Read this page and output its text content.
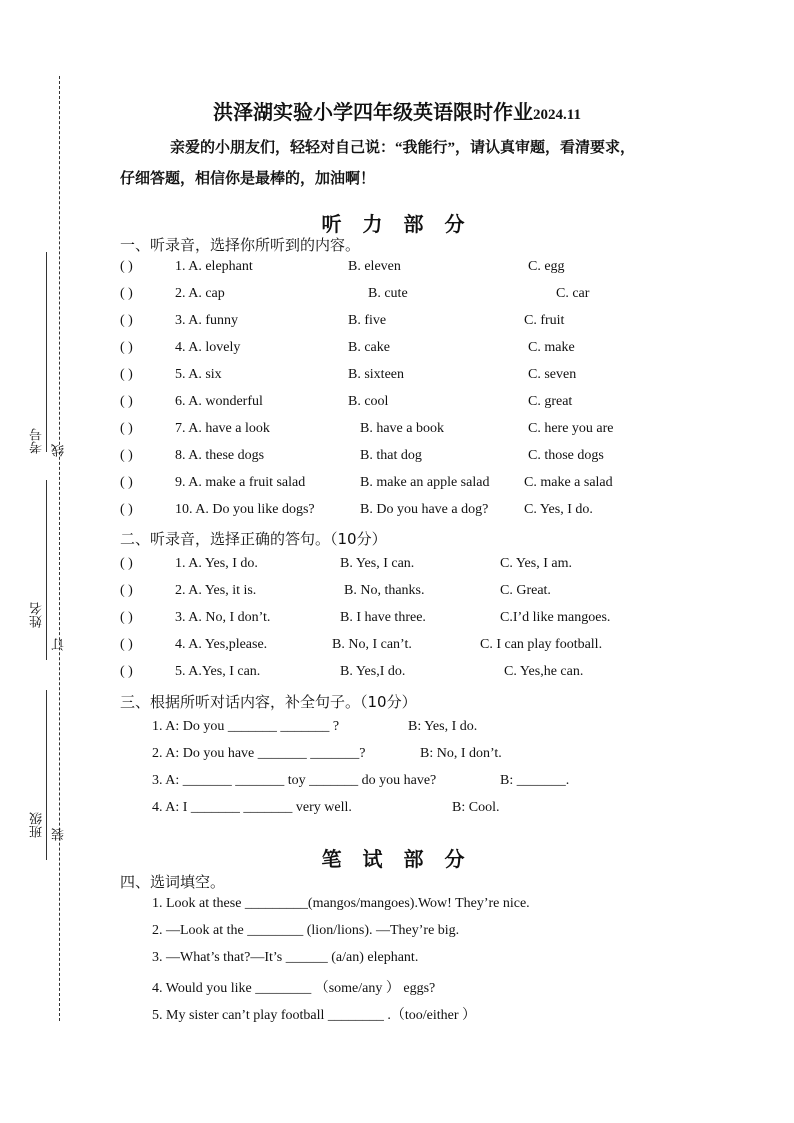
考号
姓名
班级
线
订
装
洪泽湖实验小学四年级英语限时作业2024.11
亲爱的小朋友们，轻轻对自己说：“我能行”，请认真审题，看清要求，
仔细答题，相信你是最棒的，加油啊！
听 力 部 分
一、听录音，选择你所听到的内容。
( )	1. A. elephant	B. eleven	C. egg
( )	2. A. cap	B. cute	C. car
( )	3. A. funny	B. five	C. fruit
( )	4. A. lovely	B. cake	C. make
( )	5. A. six	B. sixteen	C. seven
( )	6. A. wonderful	B. cool	C. great
( )	7. A. have a look	B. have a book	C. here you are
( )	8. A. these dogs	B. that dog	C. those dogs
( )	9. A. make a fruit salad	B. make an apple salad C. make a salad
( )	10. A. Do you like dogs?	B. Do you have a dog?	C. Yes, I do.
二、听录音，选择正确的答句。（10分）
( )	1. A. Yes, I do.	B. Yes, I can.	C. Yes, I am.
( )	2. A. Yes, it is.	B. No, thanks.	C. Great.
( )	3. A. No, I don’t.	B. I have three.	C.I’d like mangoes.
( )	4. A. Yes,please.	B. No, I can’t.	C. I can play football.
( )	5. A.Yes, I can.	B. Yes,I do.	C. Yes,he can.
三、根据所听对话内容，补全句子。（10分）
1. A: Do you _______ _______ ?	B: Yes, I do.
2. A: Do you have _______ _______?	B: No, I don’t.
3. A: _______ _______ toy _______ do you have?	B: _______.
4. A: I _______ _______ very well.	B: Cool.
笔 试 部 分
四、选词填空。
1. Look at these _________(mangos/mangoes).Wow! They’re nice.
2. —Look at the ________ (lion/lions). —They’re big.
3. —What’s that?—It’s ______ (a/an) elephant.
4. Would you like ________ （some/any ） eggs?
5. My sister can’t play football ________ .（too/either ）
